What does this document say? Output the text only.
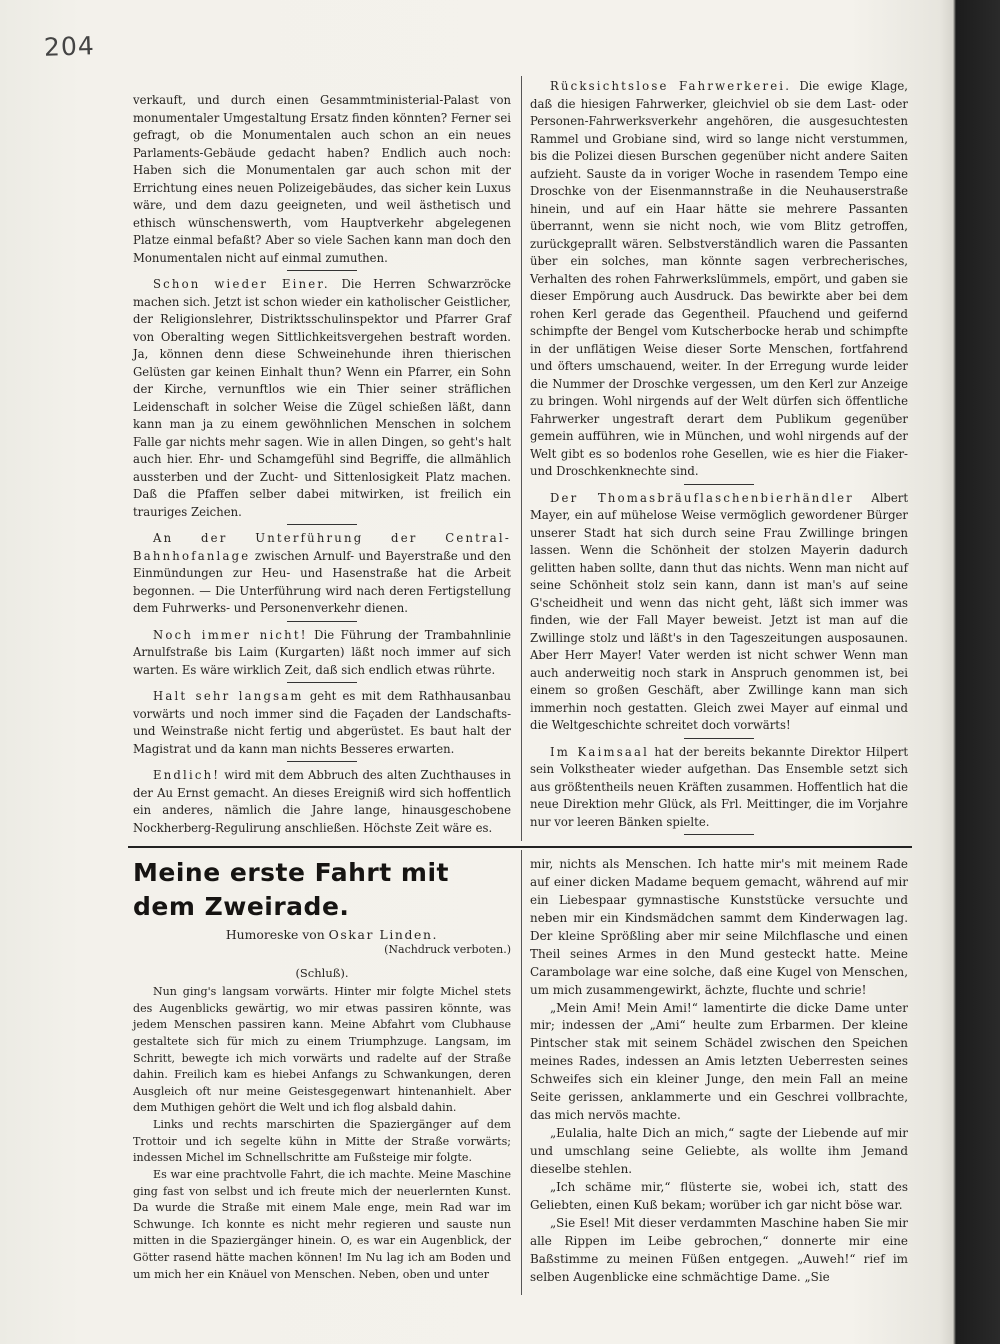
204

verkauft, und durch einen Gesammtministerial-Palast von monumentaler Umgestaltung Ersatz finden könnten? Ferner sei gefragt, ob die Monumentalen auch schon an ein neues Parlaments-Gebäude gedacht haben? Endlich auch noch: Haben sich die Monumentalen gar auch schon mit der Errichtung eines neuen Polizeigebäudes, das sicher kein Luxus wäre, und dem dazu geeigneten, und weil ästhetisch und ethisch wünschenswerth, vom Hauptverkehr abgelegenen Platze einmal befaßt? Aber so viele Sachen kann man doch den Monumentalen nicht auf einmal zumuthen.

Schon wieder Einer. Die Herren Schwarzröcke machen sich. Jetzt ist schon wieder ein katholischer Geistlicher, der Religionslehrer, Distriktsschulinspektor und Pfarrer Graf von Oberalting wegen Sittlichkeitsvergehen bestraft worden. Ja, können denn diese Schweinehunde ihren thierischen Gelüsten gar keinen Einhalt thun? Wenn ein Pfarrer, ein Sohn der Kirche, vernunftlos wie ein Thier seiner sträflichen Leidenschaft in solcher Weise die Zügel schießen läßt, dann kann man ja zu einem gewöhnlichen Menschen in solchem Falle gar nichts mehr sagen. Wie in allen Dingen, so geht's halt auch hier. Ehr- und Schamgefühl sind Begriffe, die allmählich aussterben und der Zucht- und Sittenlosigkeit Platz machen. Daß die Pfaffen selber dabei mitwirken, ist freilich ein trauriges Zeichen.

An der Unterführung der Central-Bahnhofanlage zwischen Arnulf- und Bayerstraße und den Einmündungen zur Heu- und Hasenstraße hat die Arbeit begonnen. — Die Unterführung wird nach deren Fertigstellung dem Fuhrwerks- und Personenverkehr dienen.

Noch immer nicht! Die Führung der Trambahnlinie Arnulfstraße bis Laim (Kurgarten) läßt noch immer auf sich warten. Es wäre wirklich Zeit, daß sich endlich etwas rührte.

Halt sehr langsam geht es mit dem Rathhausanbau vorwärts und noch immer sind die Façaden der Landschafts- und Weinstraße nicht fertig und abgerüstet. Es baut halt der Magistrat und da kann man nichts Besseres erwarten.

Endlich! wird mit dem Abbruch des alten Zuchthauses in der Au Ernst gemacht. An dieses Ereigniß wird sich hoffentlich ein anderes, nämlich die Jahre lange, hinausgeschobene Nockherberg-Regulirung anschließen. Höchste Zeit wäre es.

Rücksichtslose Fahrwerkerei. Die ewige Klage, daß die hiesigen Fahrwerker, gleichviel ob sie dem Last- oder Personen-Fahrwerksverkehr angehören, die ausgesuchtesten Rammel und Grobiane sind, wird so lange nicht verstummen, bis die Polizei diesen Burschen gegenüber nicht andere Saiten aufzieht. Sauste da in voriger Woche in rasendem Tempo eine Droschke von der Eisenmannstraße in die Neuhauserstraße hinein, und auf ein Haar hätte sie mehrere Passanten überrannt, wenn sie nicht noch, wie vom Blitz getroffen, zurückgeprallt wären. Selbstverständlich waren die Passanten über ein solches, man könnte sagen verbrecherisches, Verhalten des rohen Fahrwerkslümmels, empört, und gaben sie dieser Empörung auch Ausdruck. Das bewirkte aber bei dem rohen Kerl gerade das Gegentheil. Pfauchend und geifernd schimpfte der Bengel vom Kutscherbocke herab und schimpfte in der unflätigen Weise dieser Sorte Menschen, fortfahrend und öfters umschauend, weiter. In der Erregung wurde leider die Nummer der Droschke vergessen, um den Kerl zur Anzeige zu bringen. Wohl nirgends auf der Welt dürfen sich öffentliche Fahrwerker ungestraft derart dem Publikum gegenüber gemein aufführen, wie in München, und wohl nirgends auf der Welt gibt es so bodenlos rohe Gesellen, wie es hier die Fiaker- und Droschkenknechte sind.

Der Thomasbräuflaschenbierhändler Albert Mayer, ein auf mühelose Weise vermöglich gewordener Bürger unserer Stadt hat sich durch seine Frau Zwillinge bringen lassen. Wenn die Schönheit der stolzen Mayerin dadurch gelitten haben sollte, dann thut das nichts. Wenn man nicht auf seine Schönheit stolz sein kann, dann ist man's auf seine G'scheidheit und wenn das nicht geht, läßt sich immer was finden, wie der Fall Mayer beweist. Jetzt ist man auf die Zwillinge stolz und läßt's in den Tageszeitungen ausposaunen. Aber Herr Mayer! Vater werden ist nicht schwer Wenn man auch anderweitig noch stark in Anspruch genommen ist, bei einem so großen Geschäft, aber Zwillinge kann man sich immerhin noch gestatten. Gleich zwei Mayer auf einmal und die Weltgeschichte schreitet doch vorwärts!

Im Kaimsaal hat der bereits bekannte Direktor Hilpert sein Volkstheater wieder aufgethan. Das Ensemble setzt sich aus größtentheils neuen Kräften zusammen. Hoffentlich hat die neue Direktion mehr Glück, als Frl. Meittinger, die im Vorjahre nur vor leeren Bänken spielte.

Meine erste Fahrt mit dem Zweirade.
Humoreske von Oskar Linden.
(Nachdruck verboten.)
(Schluß).

Nun ging's langsam vorwärts. Hinter mir folgte Michel stets des Augenblicks gewärtig, wo mir etwas passiren könnte, was jedem Menschen passiren kann. Meine Abfahrt vom Clubhause gestaltete sich für mich zu einem Triumphzuge. Langsam, im Schritt, bewegte ich mich vorwärts und radelte auf der Straße dahin. Freilich kam es hiebei Anfangs zu Schwankungen, deren Ausgleich oft nur meine Geistesgegenwart hintenanhielt. Aber dem Muthigen gehört die Welt und ich flog alsbald dahin.

Links und rechts marschirten die Spaziergänger auf dem Trottoir und ich segelte kühn in Mitte der Straße vorwärts; indessen Michel im Schnellschritte am Fußsteige mir folgte.

Es war eine prachtvolle Fahrt, die ich machte. Meine Maschine ging fast von selbst und ich freute mich der neuerlernten Kunst. Da wurde die Straße mit einem Male enge, mein Rad war im Schwunge. Ich konnte es nicht mehr regieren und sauste nun mitten in die Spaziergänger hinein. O, es war ein Augenblick, der Götter rasend hätte machen können! Im Nu lag ich am Boden und um mich her ein Knäuel von Menschen. Neben, oben und unter

mir, nichts als Menschen. Ich hatte mir's mit meinem Rade auf einer dicken Madame bequem gemacht, während auf mir ein Liebespaar gymnastische Kunststücke versuchte und neben mir ein Kindsmädchen sammt dem Kinderwagen lag. Der kleine Sprößling aber mir seine Milchflasche und einen Theil seines Armes in den Mund gesteckt hatte. Meine Carambolage war eine solche, daß eine Kugel von Menschen, um mich zusammengewirkt, ächzte, fluchte und schrie!

„Mein Ami! Mein Ami!“ lamentirte die dicke Dame unter mir; indessen der „Ami“ heulte zum Erbarmen. Der kleine Pintscher stak mit seinem Schädel zwischen den Speichen meines Rades, indessen an Amis letzten Ueberresten seines Schweifes sich ein kleiner Junge, den mein Fall an meine Seite gerissen, anklammerte und ein Geschrei vollbrachte, das mich nervös machte.

„Eulalia, halte Dich an mich,“ sagte der Liebende auf mir und umschlang seine Geliebte, als wollte ihm Jemand dieselbe stehlen.

„Ich schäme mir,“ flüsterte sie, wobei ich, statt des Geliebten, einen Kuß bekam; worüber ich gar nicht böse war.

„Sie Esel! Mit dieser verdammten Maschine haben Sie mir alle Rippen im Leibe gebrochen,“ donnerte mir eine Baßstimme zu meinen Füßen entgegen. „Auweh!“ rief im selben Augenblicke eine schmächtige Dame. „Sie
